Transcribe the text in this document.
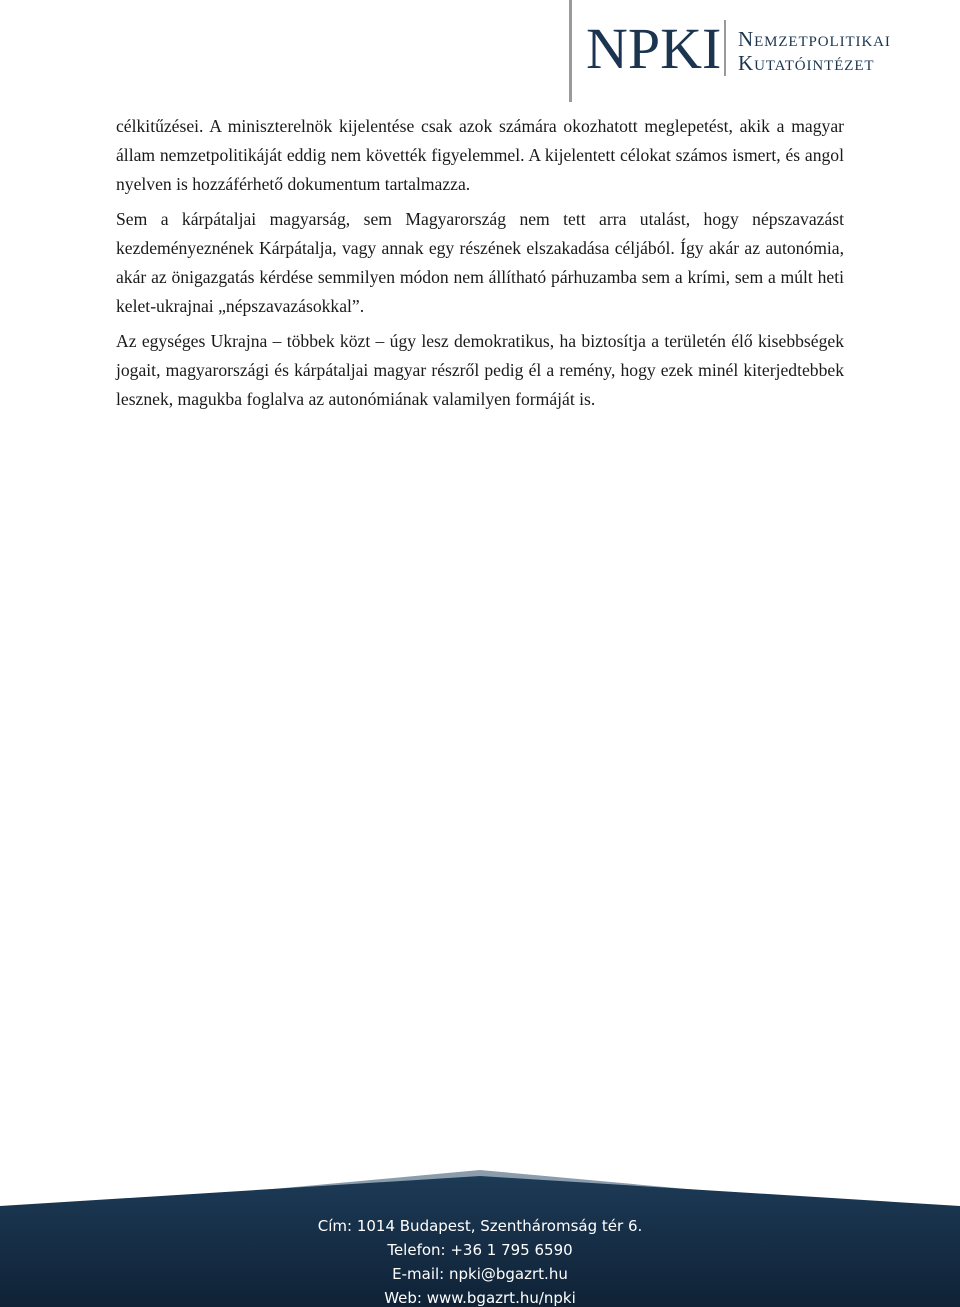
NPKI Nemzetpolitikai
Kutatóintézet

célkitűzései. A miniszterelnök kijelentése csak azok számára okozhatott meglepetést, akik a magyar állam nemzetpolitikáját eddig nem követték figyelemmel. A kijelentett célokat számos ismert, és angol nyelven is hozzáférhető dokumentum tartalmazza.

Sem a kárpátaljai magyarság, sem Magyarország nem tett arra utalást, hogy népszavazást kezdeményeznének Kárpátalja, vagy annak egy részének elszakadása céljából. Így akár az autonómia, akár az önigazgatás kérdése semmilyen módon nem állítható párhuzamba sem a krími, sem a múlt heti kelet-ukrajnai „népszavazásokkal”.

Az egységes Ukrajna – többek közt – úgy lesz demokratikus, ha biztosítja a területén élő kisebbségek jogait, magyarországi és kárpátaljai magyar részről pedig él a remény, hogy ezek minél kiterjedtebbek lesznek, magukba foglalva az autonómiának valamilyen formáját is.

Cím: 1014 Budapest, Szentháromság tér 6.
Telefon: +36 1 795 6590
E-mail: npki@bgazrt.hu
Web: www.bgazrt.hu/npki
